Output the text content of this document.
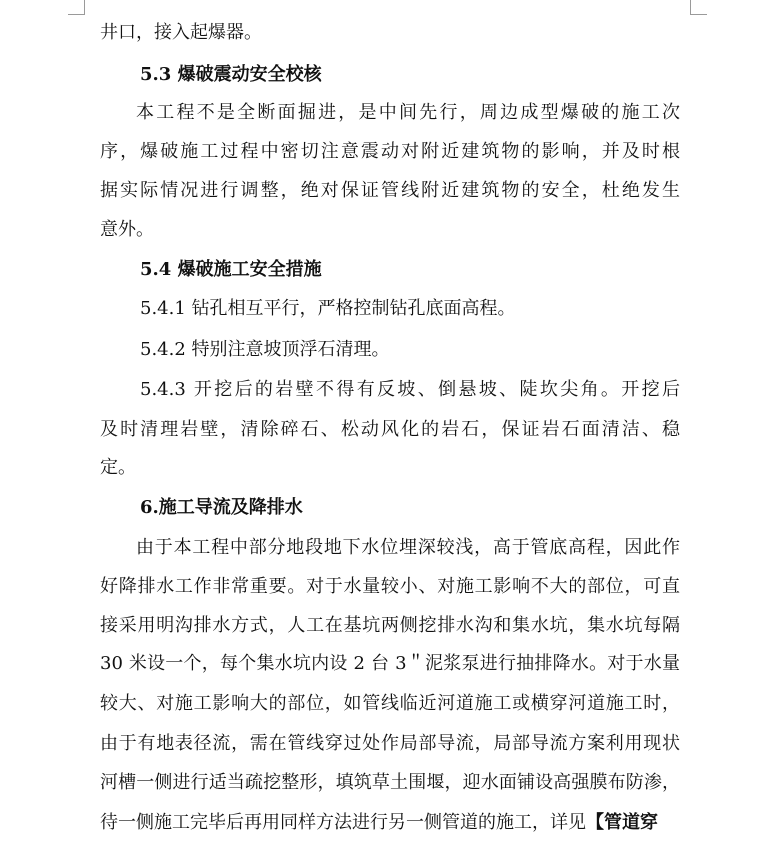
井口，接入起爆器。
5.3 爆破震动安全校核
本工程不是全断面掘进，是中间先行，周边成型爆破的施工次
序，爆破施工过程中密切注意震动对附近建筑物的影响，并及时根
据实际情况进行调整，绝对保证管线附近建筑物的安全，杜绝发生
意外。
5.4 爆破施工安全措施
5.4.1 钻孔相互平行，严格控制钻孔底面高程。
5.4.2 特别注意坡顶浮石清理。
5.4.3 开挖后的岩壁不得有反坡、倒悬坡、陡坎尖角。开挖后
及时清理岩壁，清除碎石、松动风化的岩石，保证岩石面清洁、稳
定。
6.施工导流及降排水
由于本工程中部分地段地下水位埋深较浅，高于管底高程，因此作
好降排水工作非常重要。对于水量较小、对施工影响不大的部位，可直
接采用明沟排水方式，人工在基坑两侧挖排水沟和集水坑，集水坑每隔
30 米设一个，每个集水坑内设 2 台 3＂泥浆泵进行抽排降水。对于水量
较大、对施工影响大的部位，如管线临近河道施工或横穿河道施工时，
由于有地表径流，需在管线穿过处作局部导流，局部导流方案利用现状
河槽一侧进行适当疏挖整形，填筑草土围堰，迎水面铺设高强膜布防渗，
待一侧施工完毕后再用同样方法进行另一侧管道的施工，详见【管道穿
